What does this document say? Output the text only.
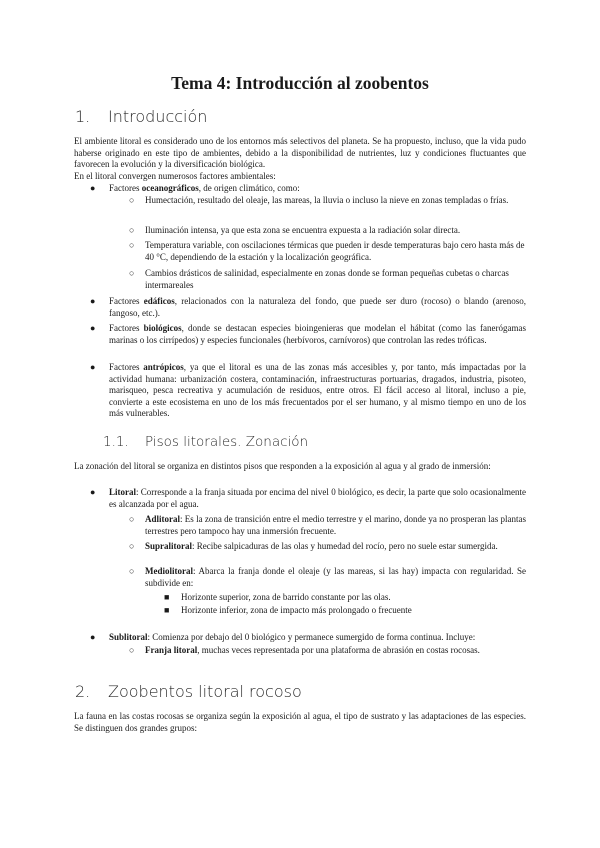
Tema 4: Introducción al zoobentos
1. Introducción

El ambiente litoral es considerado uno de los entornos más selectivos del planeta. Se ha propuesto, incluso, que la vida pudo haberse originado en este tipo de ambientes, debido a la disponibilidad de nutrientes, luz y condiciones fluctuantes que favorecen la evolución y la diversificación biológica.

En el litoral convergen numerosos factores ambientales:

● Factores oceanográficos, de origen climático, como:

○ Humectación, resultado del oleaje, las mareas, la lluvia o incluso la nieve en zonas templadas o frías.

○ Iluminación intensa, ya que esta zona se encuentra expuesta a la radiación solar directa.

○ Temperatura variable, con oscilaciones térmicas que pueden ir desde temperaturas bajo cero hasta más de 40 °C, dependiendo de la estación y la localización geográfica.

○ Cambios drásticos de salinidad, especialmente en zonas donde se forman pequeñas cubetas o charcas intermareales

● Factores edáficos, relacionados con la naturaleza del fondo, que puede ser duro (rocoso) o blando (arenoso, fangoso, etc.).

● Factores biológicos, donde se destacan especies bioingenieras que modelan el hábitat (como las fanerógamas marinas o los cirrípedos) y especies funcionales (herbívoros, carnívoros) que controlan las redes tróficas.

● Factores antrópicos, ya que el litoral es una de las zonas más accesibles y, por tanto, más impactadas por la actividad humana: urbanización costera, contaminación, infraestructuras portuarias, dragados, industria, pisoteo, marisqueo, pesca recreativa y acumulación de residuos, entre otros. El fácil acceso al litoral, incluso a pie, convierte a este ecosistema en uno de los más frecuentados por el ser humano, y al mismo tiempo en uno de los más vulnerables.

1.1. Pisos litorales. Zonación

La zonación del litoral se organiza en distintos pisos que responden a la exposición al agua y al grado de inmersión:

● Litoral: Corresponde a la franja situada por encima del nivel 0 biológico, es decir, la parte que solo ocasionalmente es alcanzada por el agua.

○ Adlitoral: Es la zona de transición entre el medio terrestre y el marino, donde ya no prosperan las plantas terrestres pero tampoco hay una inmersión frecuente.

○ Supralitoral: Recibe salpicaduras de las olas y humedad del rocío, pero no suele estar sumergida.

○ Mediolitoral: Abarca la franja donde el oleaje (y las mareas, si las hay) impacta con regularidad. Se subdivide en:

■ Horizonte superior, zona de barrido constante por las olas.

■ Horizonte inferior, zona de impacto más prolongado o frecuente

● Sublitoral: Comienza por debajo del 0 biológico y permanece sumergido de forma continua. Incluye:

○ Franja litoral, muchas veces representada por una plataforma de abrasión en costas rocosas.

2. Zoobentos litoral rocoso

La fauna en las costas rocosas se organiza según la exposición al agua, el tipo de sustrato y las adaptaciones de las especies. Se distinguen dos grandes grupos:
